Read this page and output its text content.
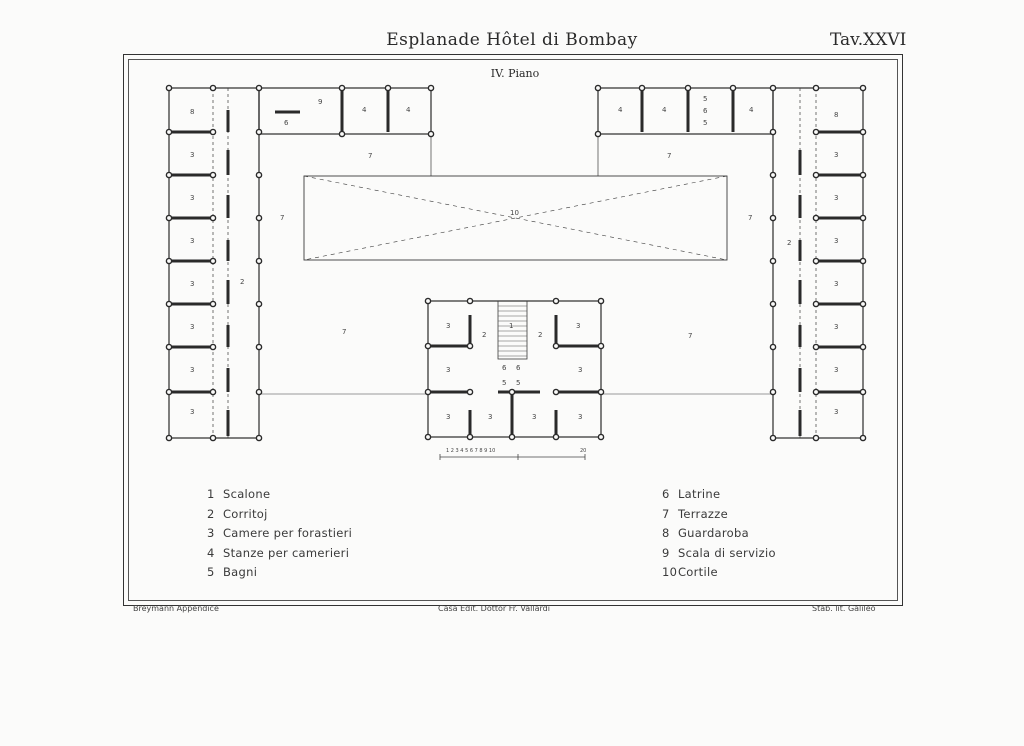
Esplanade Hôtel di Bombay	Tav.XXVI
IV. Piano
8
3
3
3
3
3
3
3
2
9
6
4	4
7
7
7
10
4	4
5
6
5
4
8
7
7
7
2
3
3
3
3
3
3
3
3
2
1
2
3
3	6 6
5 5
3
3	3	3	3
1 2 3 4 5 6 7 8 9 10	20
1 Scalone
2 Corritoj
3 Camere per forastieri
4 Stanze per camerieri
5 Bagni
6 Latrine
7 Terrazze
8 Guardaroba
9 Scala di servizio
10 Cortile
Breymann Appendice	Casa Edit. Dottor Fr. Vallardi	Stab. lit. Galileo
